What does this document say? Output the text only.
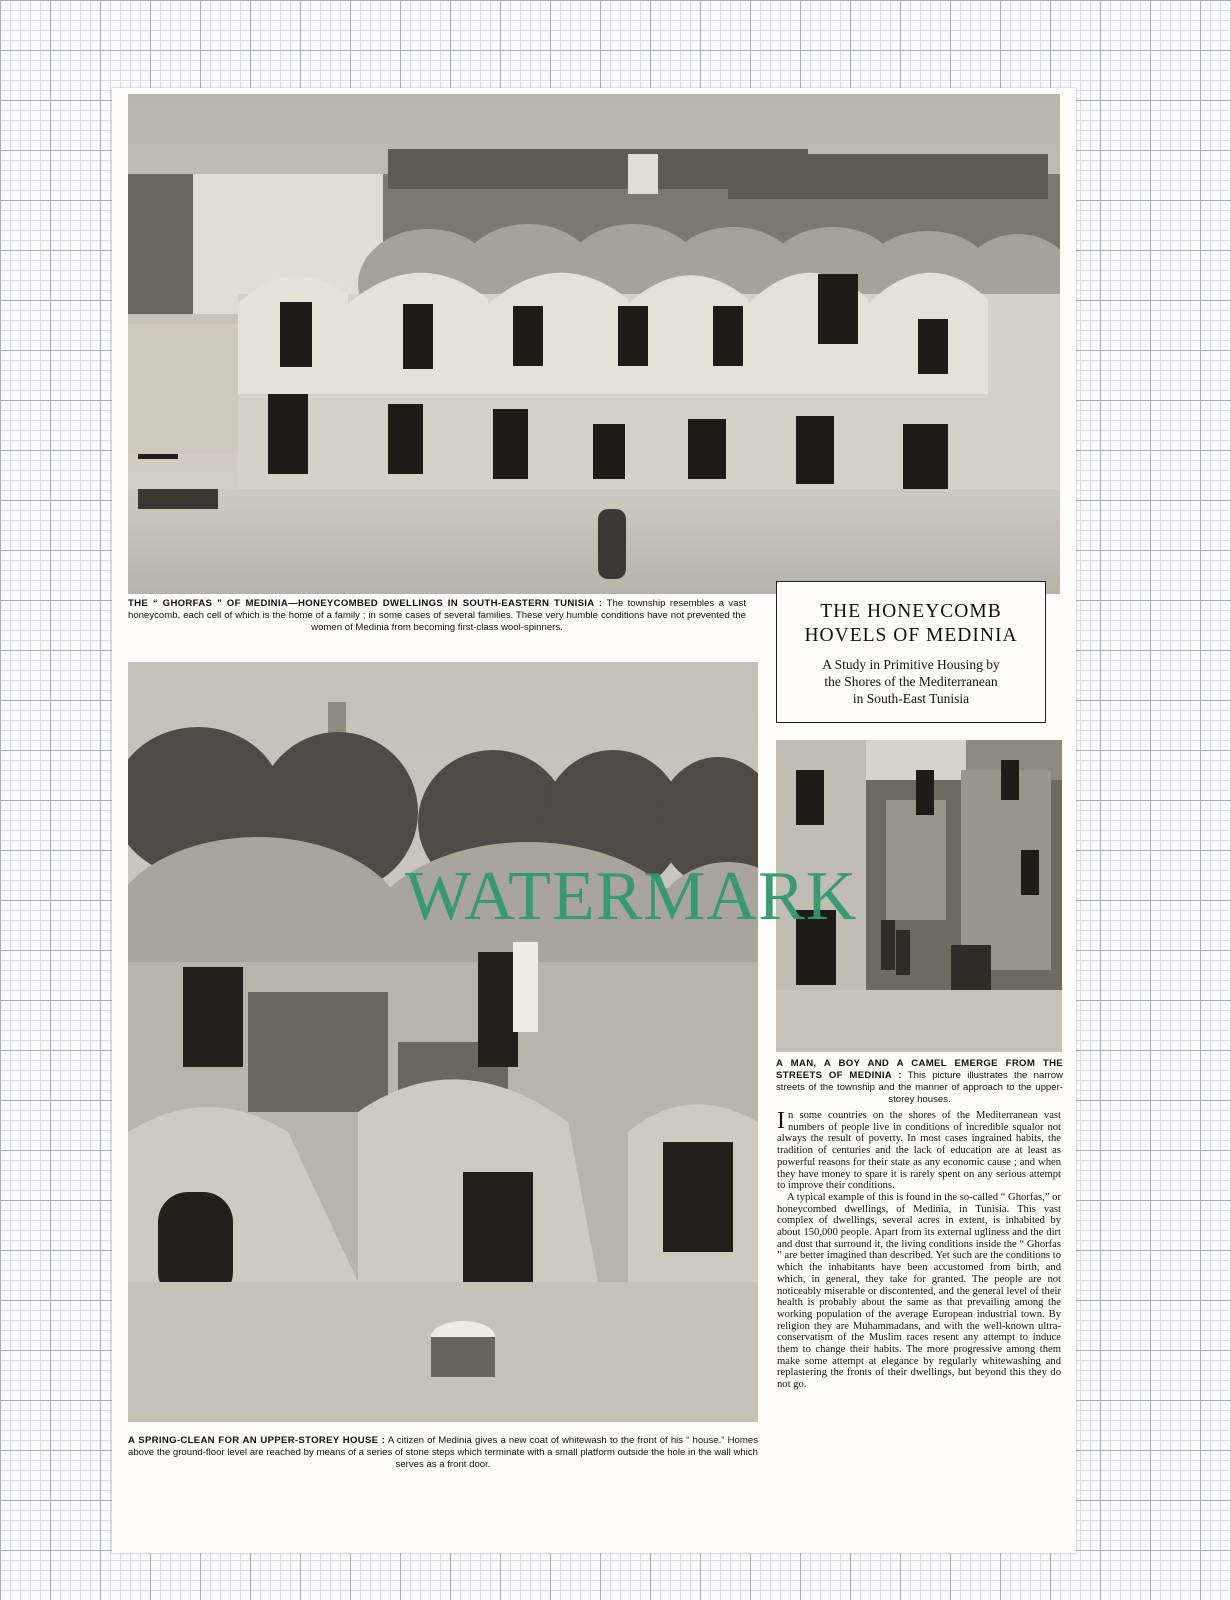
THE “ GHORFAS ” OF MEDINIA—HONEYCOMBED DWELLINGS IN SOUTH-EASTERN TUNISIA : The township resembles a vast honeycomb, each cell of which is the home of a family ; in some cases of several families. These very humble conditions have not prevented the women of Medinia from becoming first-class wool-spinners.
THE HONEYCOMB
HOVELS OF MEDINIA
A Study in Primitive Housing by
the Shores of the Mediterranean
in South-East Tunisia
A SPRING-CLEAN FOR AN UPPER-STOREY HOUSE : A citizen of Medinia gives a new coat of whitewash to the front of his “ house.” Homes above the ground-floor level are reached by means of a series of stone steps which terminate with a small platform outside the hole in the wall which serves as a front door.
A MAN, A BOY AND A CAMEL EMERGE FROM THE STREETS OF MEDINIA : This picture illustrates the narrow streets of the township and the manner of approach to the upper-storey houses.

In some countries on the shores of the Mediterranean vast numbers of people live in conditions of incredible squalor not always the result of poverty. In most cases ingrained habits, the tradition of centuries and the lack of education are at least as powerful reasons for their state as any economic cause ; and when they have money to spare it is rarely spent on any serious attempt to improve their conditions.

A typical example of this is found in the so-called “ Ghorfas,” or honeycombed dwellings, of Medinia, in Tunisia. This vast complex of dwellings, several acres in extent, is inhabited by about 150,000 people. Apart from its external ugliness and the dirt and dust that surround it, the living conditions inside the “ Ghorfas ” are better imagined than described. Yet such are the conditions to which the inhabitants have been accustomed from birth, and which, in general, they take for granted. The people are not noticeably miserable or discontented, and the general level of their health is probably about the same as that prevailing among the working population of the average European industrial town. By religion they are Muhammadans, and with the well-known ultra-conservatism of the Muslim races resent any attempt to induce them to change their habits. The more progressive among them make some attempt at elegance by regularly whitewashing and replastering the fronts of their dwellings, but beyond this they do not go.

WATERMARK
